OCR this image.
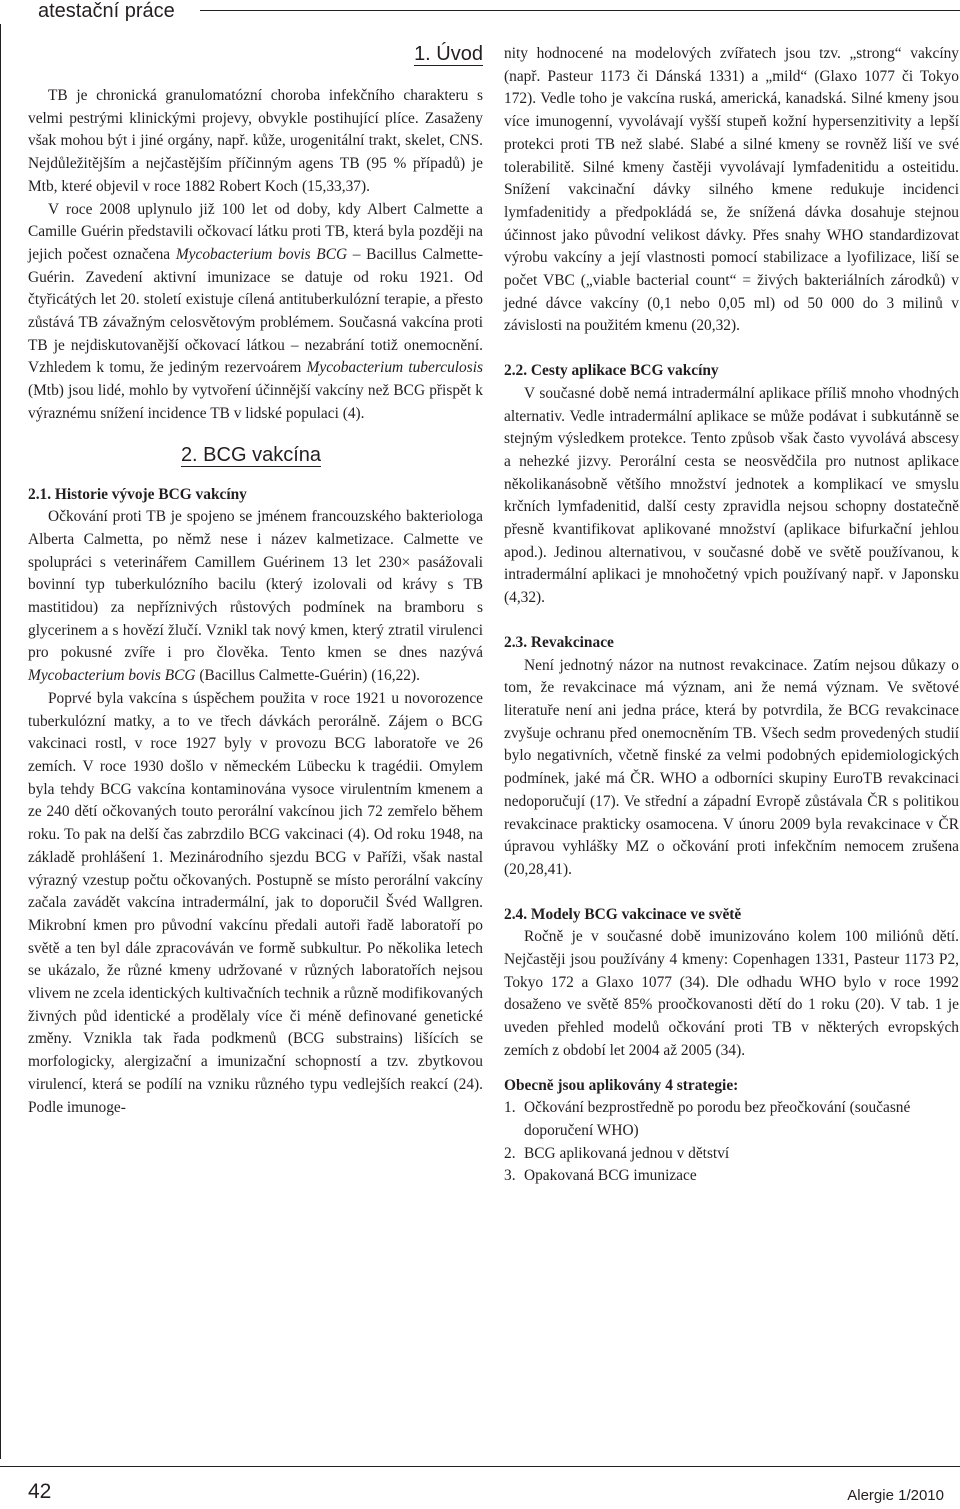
atestační práce
1. Úvod

TB je chronická granulomatózní choroba infekčního charakteru s velmi pestrými klinickými projevy, obvykle postihující plíce. Zasaženy však mohou být i jiné orgány, např. kůže, urogenitální trakt, skelet, CNS. Nejdůležitějším a nejčastějším příčinným agens TB (95 % případů) je Mtb, které objevil v roce 1882 Robert Koch (15,33,37).

V roce 2008 uplynulo již 100 let od doby, kdy Albert Calmette a Camille Guérin představili očkovací látku proti TB, která byla později na jejich počest označena Mycobacterium bovis BCG – Bacillus Calmette-Guérin. Zavedení aktivní imunizace se datuje od roku 1921. Od čtyřicátých let 20. století existuje cílená antituberkulózní terapie, a přesto zůstává TB závažným celosvětovým problémem. Současná vakcína proti TB je nejdiskutovanější očkovací látkou – nezabrání totiž onemocnění. Vzhledem k tomu, že jediným rezervoárem Mycobacterium tuberculosis (Mtb) jsou lidé, mohlo by vytvoření účinnější vakcíny než BCG přispět k výraznému snížení incidence TB v lidské populaci (4).

2. BCG vakcína

2.1. Historie vývoje BCG vakcíny

Očkování proti TB je spojeno se jménem francouzského bakteriologa Alberta Calmetta, po němž nese i název kalmetizace. Calmette ve spolupráci s veterinářem Camillem Guérinem 13 let 230× pasážovali bovinní typ tuberkulózního bacilu (který izolovali od krávy s TB mastitidou) za nepříznivých růstových podmínek na bramboru s glycerinem a s hovězí žlučí. Vznikl tak nový kmen, který ztratil virulenci pro pokusné zvíře i pro člověka. Tento kmen se dnes nazývá Mycobacterium bovis BCG (Bacillus Calmette-Guérin) (16,22).

Poprvé byla vakcína s úspěchem použita v roce 1921 u novorozence tuberkulózní matky, a to ve třech dávkách perorálně. Zájem o BCG vakcinaci rostl, v roce 1927 byly v provozu BCG laboratoře ve 26 zemích. V roce 1930 došlo v německém Lübecku k tragédii. Omylem byla tehdy BCG vakcína kontaminována vysoce virulentním kmenem a ze 240 dětí očkovaných touto perorální vakcínou jich 72 zemřelo během roku. To pak na delší čas zabrzdilo BCG vakcinaci (4). Od roku 1948, na základě prohlášení 1. Mezinárodního sjezdu BCG v Paříži, však nastal výrazný vzestup počtu očkovaných. Postupně se místo perorální vakcíny začala zavádět vakcína intradermální, jak to doporučil Švéd Wallgren. Mikrobní kmen pro původní vakcínu předali autoři řadě laboratoří po světě a ten byl dále zpracováván ve formě subkultur. Po několika letech se ukázalo, že různé kmeny udržované v různých laboratořích nejsou vlivem ne zcela identických kultivačních technik a různě modifikovaných živných půd identické a prodělaly více či méně definované genetické změny. Vznikla tak řada podkmenů (BCG substrains) lišících se morfologicky, alergizační a imunizační schopností a tzv. zbytkovou virulencí, která se podílí na vzniku různého typu vedlejších reakcí (24). Podle imunoge-

nity hodnocené na modelových zvířatech jsou tzv. „strong“ vakcíny (např. Pasteur 1173 či Dánská 1331) a „mild“ (Glaxo 1077 či Tokyo 172). Vedle toho je vakcína ruská, americká, kanadská. Silné kmeny jsou více imunogenní, vyvolávají vyšší stupeň kožní hypersenzitivity a lepší protekci proti TB než slabé. Slabé a silné kmeny se rovněž liší ve své tolerabilitě. Silné kmeny častěji vyvolávají lymfadenitidu a osteitidu. Snížení vakcinační dávky silného kmene redukuje incidenci lymfadenitidy a předpokládá se, že snížená dávka dosahuje stejnou účinnost jako původní velikost dávky. Přes snahy WHO standardizovat výrobu vakcíny a její vlastnosti pomocí stabilizace a lyofilizace, liší se počet VBC („viable bacterial count“ = živých bakteriálních zárodků) v jedné dávce vakcíny (0,1 nebo 0,05 ml) od 50 000 do 3 milinů v závislosti na použitém kmenu (20,32).

2.2. Cesty aplikace BCG vakcíny

V současné době nemá intradermální aplikace příliš mnoho vhodných alternativ. Vedle intradermální aplikace se může podávat i subkutánně se stejným výsledkem protekce. Tento způsob však často vyvolává abscesy a nehezké jizvy. Perorální cesta se neosvědčila pro nutnost aplikace několikanásobně většího množství jednotek a komplikací ve smyslu krčních lymfadenitid, další cesty zpravidla nejsou schopny dostatečně přesně kvantifikovat aplikované množství (aplikace bifurkační jehlou apod.). Jedinou alternativou, v současné době ve světě používanou, k intradermální aplikaci je mnohočetný vpich používaný např. v Japonsku (4,32).

2.3. Revakcinace

Není jednotný názor na nutnost revakcinace. Zatím nejsou důkazy o tom, že revakcinace má význam, ani že nemá význam. Ve světové literatuře není ani jedna práce, která by potvrdila, že BCG revakcinace zvyšuje ochranu před onemocněním TB. Všech sedm provedených studií bylo negativních, včetně finské za velmi podobných epidemiologických podmínek, jaké má ČR. WHO a odborníci skupiny EuroTB revakcinaci nedoporučují (17). Ve střední a západní Evropě zůstávala ČR s politikou revakcinace prakticky osamocena. V únoru 2009 byla revakcinace v ČR úpravou vyhlášky MZ o očkování proti infekčním nemocem zrušena (20,28,41).

2.4. Modely BCG vakcinace ve světě

Ročně je v současné době imunizováno kolem 100 miliónů dětí. Nejčastěji jsou používány 4 kmeny: Copenhagen 1331, Pasteur 1173 P2, Tokyo 172 a Glaxo 1077 (34). Dle odhadu WHO bylo v roce 1992 dosaženo ve světě 85% proočkovanosti dětí do 1 roku (20). V tab. 1 je uveden přehled modelů očkování proti TB v některých evropských zemích z období let 2004 až 2005 (34).

Obecně jsou aplikovány 4 strategie:

1. Očkování bezprostředně po porodu bez přeočkování (současné doporučení WHO)
2. BCG aplikovaná jednou v dětství
3. Opakovaná BCG imunizace
42	Alergie 1/2010
